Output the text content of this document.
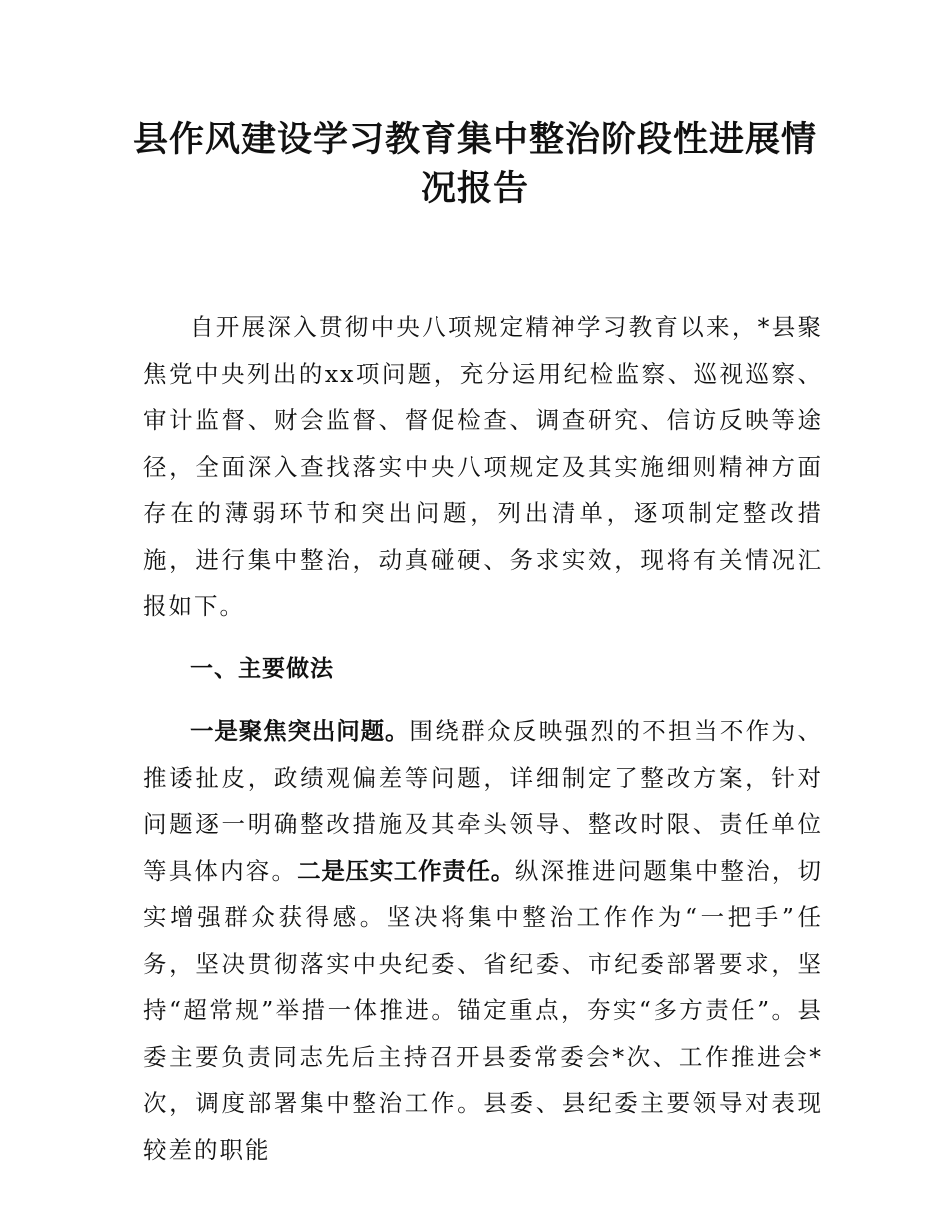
县作风建设学习教育集中整治阶段性进展情
况报告

自开展深入贯彻中央八项规定精神学习教育以来，*县聚焦党中央列出的xx项问题，充分运用纪检监察、巡视巡察、审计监督、财会监督、督促检查、调查研究、信访反映等途径，全面深入查找落实中央八项规定及其实施细则精神方面存在的薄弱环节和突出问题，列出清单，逐项制定整改措施，进行集中整治，动真碰硬、务求实效，现将有关情况汇报如下。

一、主要做法

一是聚焦突出问题。围绕群众反映强烈的不担当不作为、推诿扯皮，政绩观偏差等问题，详细制定了整改方案，针对问题逐一明确整改措施及其牵头领导、整改时限、责任单位等具体内容。二是压实工作责任。纵深推进问题集中整治，切实增强群众获得感。坚决将集中整治工作作为“一把手”任务，坚决贯彻落实中央纪委、省纪委、市纪委部署要求，坚持“超常规”举措一体推进。锚定重点，夯实“多方责任”。县委主要负责同志先后主持召开县委常委会*次、工作推进会*次，调度部署集中整治工作。县委、县纪委主要领导对表现较差的职能
